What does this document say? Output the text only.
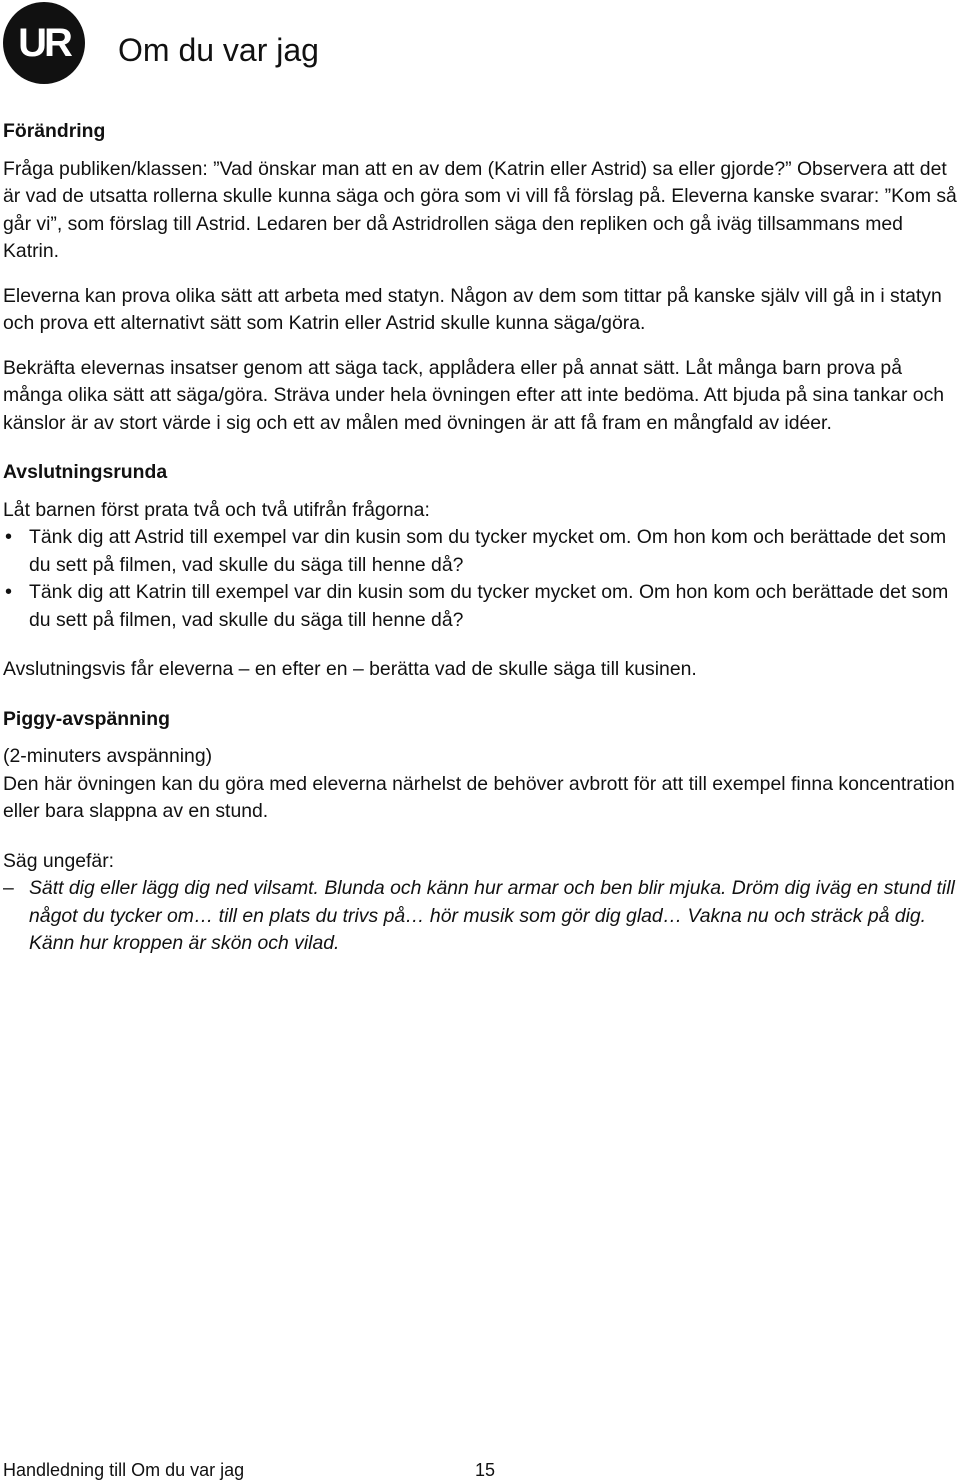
UR Om du var jag
Förändring

Fråga publiken/klassen: ”Vad önskar man att en av dem (Katrin eller Astrid) sa eller gjorde?” Observera att det är vad de utsatta rollerna skulle kunna säga och göra som vi vill få förslag på. Eleverna kanske svarar: ”Kom så går vi”, som förslag till Astrid. Ledaren ber då Astridrollen säga den repliken och gå iväg tillsammans med Katrin.

Eleverna kan prova olika sätt att arbeta med statyn. Någon av dem som tittar på kanske själv vill gå in i statyn och prova ett alternativt sätt som Katrin eller Astrid skulle kunna säga/göra.

Bekräfta elevernas insatser genom att säga tack, applådera eller på annat sätt. Låt många barn prova på många olika sätt att säga/göra. Sträva under hela övningen efter att inte bedöma. Att bjuda på sina tankar och känslor är av stort värde i sig och ett av målen med övningen är att få fram en mångfald av idéer.

Avslutningsrunda

Låt barnen först prata två och två utifrån frågorna:

• Tänk dig att Astrid till exempel var din kusin som du tycker mycket om. Om hon kom och berättade det som du sett på filmen, vad skulle du säga till henne då?
• Tänk dig att Katrin till exempel var din kusin som du tycker mycket om. Om hon kom och berättade det som du sett på filmen, vad skulle du säga till henne då?

Avslutningsvis får eleverna – en efter en – berätta vad de skulle säga till kusinen.

Piggy-avspänning

(2-minuters avspänning)

Den här övningen kan du göra med eleverna närhelst de behöver avbrott för att till exempel finna koncentration eller bara slappna av en stund.

Säg ungefär:

– Sätt dig eller lägg dig ned vilsamt. Blunda och känn hur armar och ben blir mjuka. Dröm dig iväg en stund till något du tycker om… till en plats du trivs på… hör musik som gör dig glad… Vakna nu och sträck på dig. Känn hur kroppen är skön och vilad.
Handledning till Om du var jag	15
